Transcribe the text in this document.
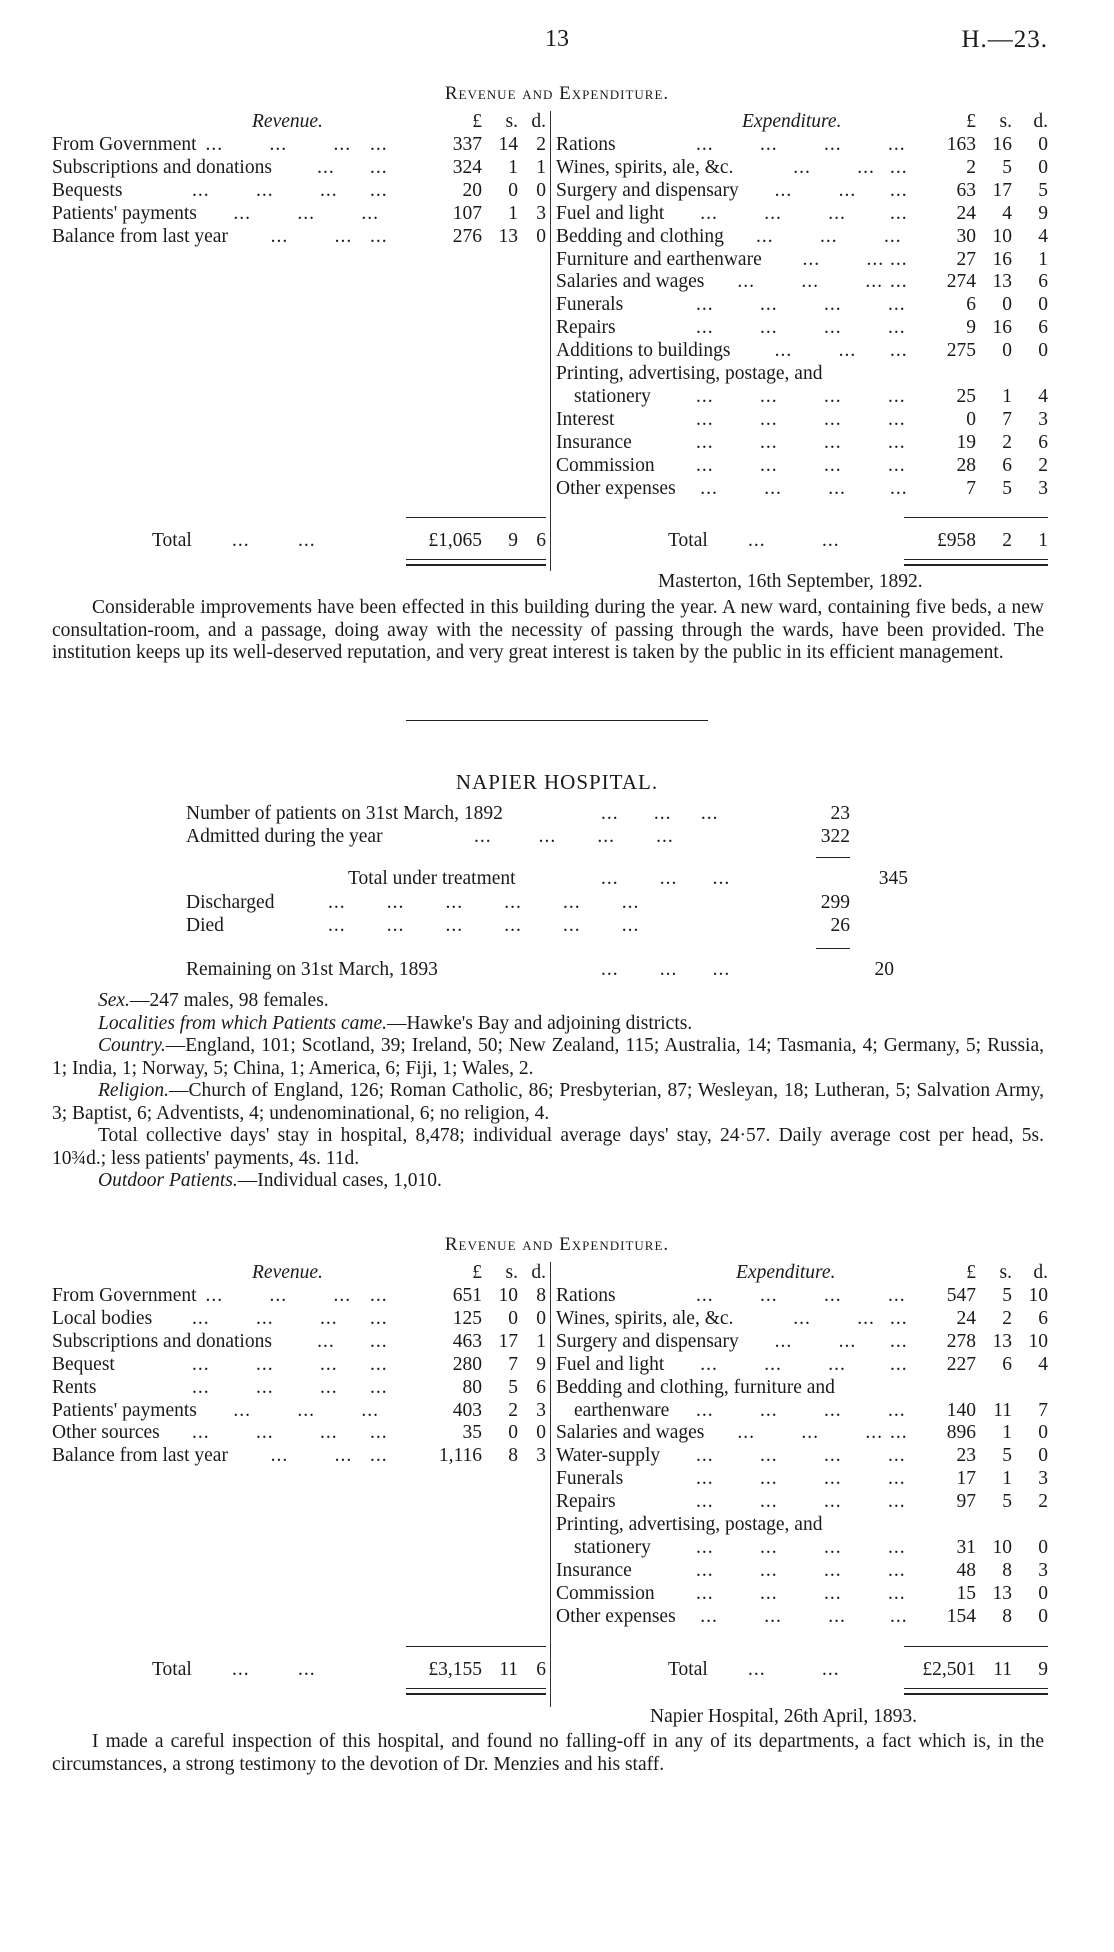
13	H.—23.
Revenue and Expenditure.
Revenue.	£	s. d.	Expenditure.	£	s.	d.
From Government ... ... ... ...	337 14 2
Subscriptions and donations ... ...	324	1 1
Bequests	... ... ... ...	20	0 0
Patients' payments ... ... ...	107	1 3
Balance from last year ... ... ...	276 13 0
Rations	... ... ... ...	163 16	0
Wines, spirits, ale, &c.	... ... ...	2	5	0
Surgery and dispensary ... ... ...	63 17	5
Fuel and light ... ... ... ...	24	4	9
Bedding and clothing ... ... ...	30 10	4
Furniture and earthenware ... ... ...	27 16	1
Salaries and wages ... ... ... ...	274 13	6
Funerals	... ... ... ...	6	0	0
Repairs	... ... ... ...	9 16	6
Additions to buildings ... ... ...	275	0	0
Printing, advertising, postage, and
stationery ... ... ... ...	25	1	4
Interest	... ... ... ...	0	7	3
Insurance	... ... ... ...	19	2	6
Commission ... ... ... ...	28	6	2
Other expenses ... ... ... ...	7	5	3
Total ... ...	£1,065	9 6	Total ...	...	£958	2	1
Masterton, 16th September, 1892.
Considerable improvements have been effected in this building during the year. A new ward, containing five beds, a new consultation-room, and a passage, doing away with the necessity of passing through the wards, have been provided. The institution keeps up its well-deserved reputation, and very great interest is taken by the public in its efficient management.
NAPIER HOSPITAL.
Number of patients on 31st March, 1892	...      ...     ...	23
Admitted during the year	...        ...       ...       ...	322
Total under treatment	...       ...      ...	345
Discharged	...       ...       ...       ...       ...       ...	299
Died	...       ...       ...       ...       ...       ...	26
Remaining on 31st March, 1893	...       ...      ...	20

Sex.—247 males, 98 females.

Localities from which Patients came.—Hawke's Bay and adjoining districts.

Country.—England, 101; Scotland, 39; Ireland, 50; New Zealand, 115; Australia, 14; Tasmania, 4; Germany, 5; Russia, 1; India, 1; Norway, 5; China, 1; America, 6; Fiji, 1; Wales, 2.

Religion.—Church of England, 126; Roman Catholic, 86; Presbyterian, 87; Wesleyan, 18; Lutheran, 5; Salvation Army, 3; Baptist, 6; Adventists, 4; undenominational, 6; no religion, 4.

Total collective days' stay in hospital, 8,478; individual average days' stay, 24·57. Daily average cost per head, 5s. 10¾d.; less patients' payments, 4s. 11d.

Outdoor Patients.—Individual cases, 1,010.

Revenue and Expenditure.
Revenue.	£	s. d.	Expenditure.	£	s.	d.
From Government ... ... ... ...	651 10 8
Local bodies ... ... ... ...	125	0 0
Subscriptions and donations ... ...	463 17 1
Bequest	... ... ... ...	280	7 9
Rents	... ... ... ...	80	5 6
Patients' payments ... ... ...	403	2 3
Other sources ... ... ... ...	35	0 0
Balance from last year ... ... ...	1,116	8 3
Rations	... ... ... ...	547	5 10
Wines, spirits, ale, &c.	... ... ...	24	2	6
Surgery and dispensary ... ... ...	278 13 10
Fuel and light ... ... ... ...	227	6	4
Bedding and clothing, furniture and
earthenware ... ... ... ...	140 11	7
Salaries and wages ... ... ... ...	896	1	0
Water-supply ... ... ... ...	23	5	0
Funerals	... ... ... ...	17	1	3
Repairs	... ... ... ...	97	5	2
Printing, advertising, postage, and
stationery ... ... ... ...	31 10	0
Insurance	... ... ... ...	48	8	3
Commission ... ... ... ...	15 13	0
Other expenses ... ... ... ...	154	8	0
Total ... ...	£3,155 11 6	Total ...	...	£2,501 11	9
Napier Hospital, 26th April, 1893.
I made a careful inspection of this hospital, and found no falling-off in any of its departments, a fact which is, in the circumstances, a strong testimony to the devotion of Dr. Menzies and his staff.
